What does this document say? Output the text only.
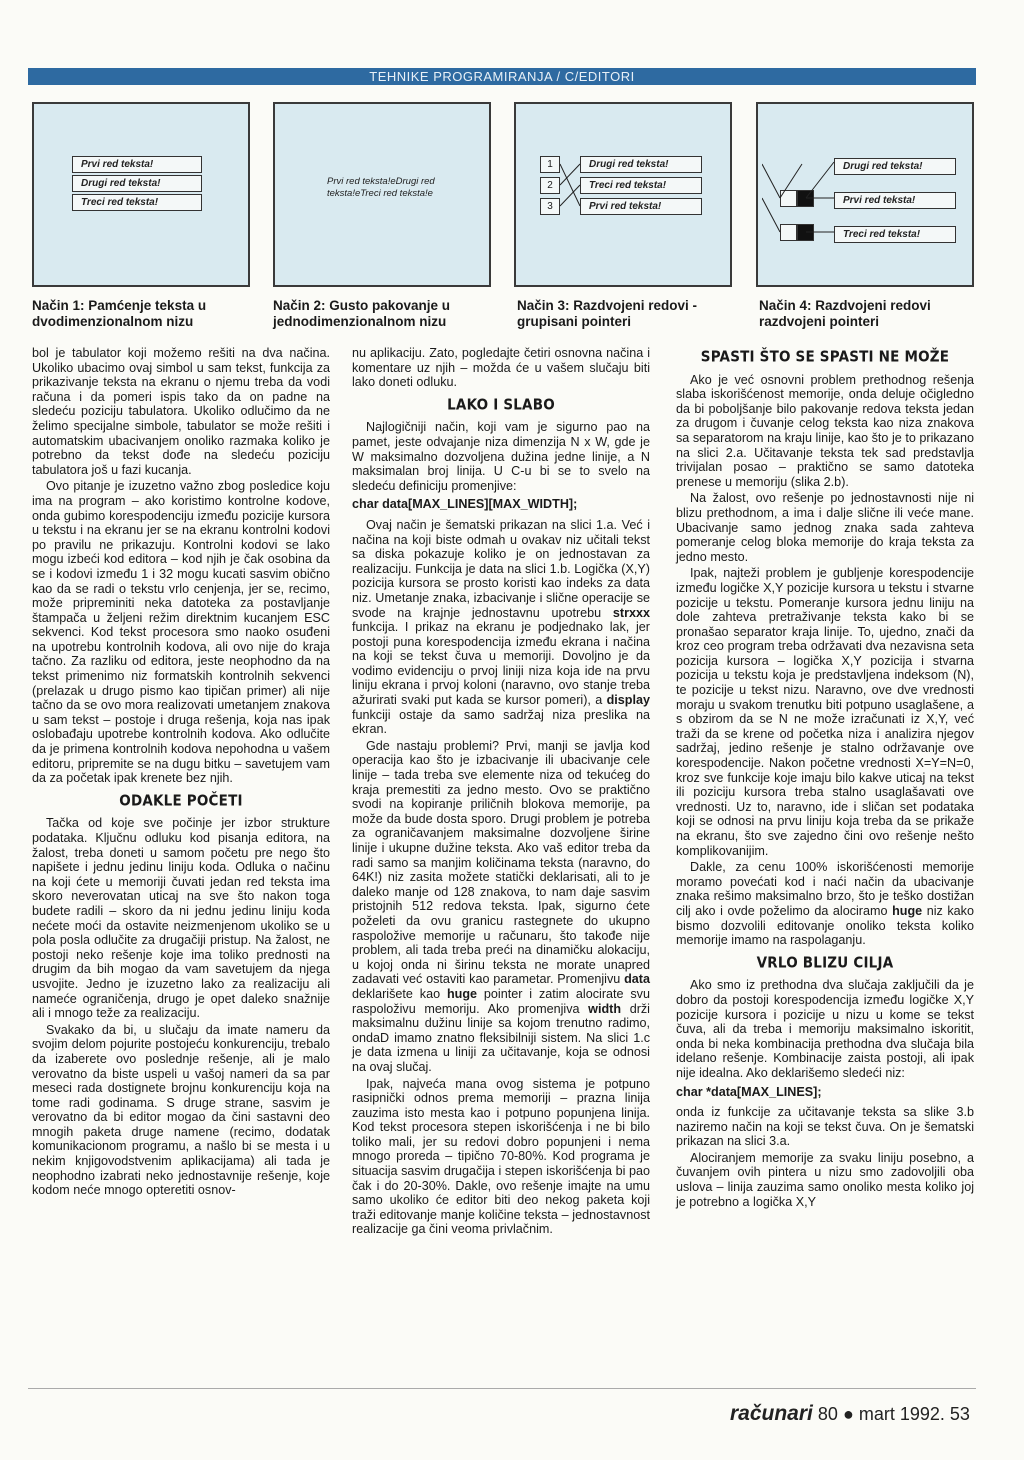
TEHNIKE PROGRAMIRANJA / C/EDITORI
Prvi red teksta!
Drugi red teksta!
Treci red teksta!
Prvi red teksta!eDrugi red teksta!eTreci red teksta!e
1
2
3
Drugi red teksta!
Treci red teksta!
Prvi red teksta!
Drugi red teksta!
Prvi red teksta!
Treci red teksta!
Način 1: Pamćenje teksta u dvodimenzionalnom nizu
Način 2: Gusto pakovanje u jednodimenzionalnom nizu
Način 3: Razdvojeni redovi - grupisani pointeri
Način 4: Razdvojeni redovi razdvojeni pointeri

bol je tabulator koji možemo rešiti na dva načina. Ukoliko ubacimo ovaj simbol u sam tekst, funkcija za prikazivanje teksta na ekranu o njemu treba da vodi računa i da pomeri ispis tako da on padne na sledeću poziciju tabulatora. Ukoliko odlučimo da ne želimo specijalne simbole, tabulator se može rešiti i automatskim ubacivanjem onoliko razmaka koliko je potrebno da tekst dođe na sledeću poziciju tabulatora još u fazi kucanja.

Ovo pitanje je izuzetno važno zbog posledice koju ima na program – ako koristimo kontrolne kodove, onda gubimo korespodenciju između pozicije kursora u tekstu i na ekranu jer se na ekranu kontrolni kodovi po pravilu ne prikazuju. Kontrolni kodovi se lako mogu izbeći kod editora – kod njih je čak osobina da se i kodovi između 1 i 32 mogu kucati sasvim obično kao da se radi o tekstu vrlo cenjenja, jer se, recimo, može pripreminiti neka datoteka za postavljanje štampača u željeni režim direktnim kucanjem ESC sekvenci. Kod tekst procesora smo naoko osuđeni na upotrebu kontrolnih kodova, ali ovo nije do kraja tačno. Za razliku od editora, jeste neophodno da na tekst primenimo niz formatskih kontrolnih sekvenci (prelazak u drugo pismo kao tipičan primer) ali nije tačno da se ovo mora realizovati umetanjem znakova u sam tekst – postoje i druga rešenja, koja nas ipak oslobađaju upotrebe kontrolnih kodova. Ako odlučite da je primena kontrolnih kodova nepohodna u vašem editoru, pripremite se na dugu bitku – savetujem vam da za početak ipak krenete bez njih.

ODAKLE POČETI

Tačka od koje sve počinje jer izbor strukture podataka. Ključnu odluku kod pisanja editora, na žalost, treba doneti u samom početu pre nego što napišete i jednu jedinu liniju koda. Odluka o načinu na koji ćete u memoriji čuvati jedan red teksta ima skoro neverovatan uticaj na sve što nakon toga budete radili – skoro da ni jednu jedinu liniju koda nećete moći da ostavite neizmenjenom ukoliko se u pola posla odlučite za drugačiji pristup. Na žalost, ne postoji neko rešenje koje ima toliko prednosti na drugim da bih mogao da vam savetujem da njega usvojite. Jedno je izuzetno lako za realizaciju ali nameće ograničenja, drugo je opet daleko snažnije ali i mnogo teže za realizaciju.

Svakako da bi, u slučaju da imate nameru da svojim delom pojurite postojeću konkurenciju, trebalo da izaberete ovo poslednje rešenje, ali je malo verovatno da biste uspeli u vašoj nameri da sa par meseci rada dostignete brojnu konkurenciju koja na tome radi godinama. S druge strane, sasvim je verovatno da bi editor mogao da čini sastavni deo mnogih paketa druge namene (recimo, dodatak komunikacionom programu, a našlo bi se mesta i u nekim knjigovodstvenim aplikacijama) ali tada je neophodno izabrati neko jednostavnije rešenje, koje kodom neće mnogo opteretiti osnov-

nu aplikaciju. Zato, pogledajte četiri osnovna načina i komentare uz njih – možda će u vašem slučaju biti lako doneti odluku.

LAKO I SLABO

Najlogičniji način, koji vam je sigurno pao na pamet, jeste odvajanje niza dimenzija N x W, gde je W maksimalno dozvoljena dužina jedne linije, a N maksimalan broj linija. U C-u bi se to svelo na sledeću definiciju promenjive:

char data[MAX_LINES][MAX_WIDTH];

Ovaj način je šematski prikazan na slici 1.a. Već i načina na koji biste odmah u ovakav niz učitali tekst sa diska pokazuje koliko je on jednostavan za realizaciju. Funkcija je data na slici 1.b. Logička (X,Y) pozicija kursora se prosto koristi kao indeks za data niz. Umetanje znaka, izbacivanje i slične operacije se svode na krajnje jednostavnu upotrebu strxxx funkcija. I prikaz na ekranu je podjednako lak, jer postoji puna korespodencija između ekrana i načina na koji se tekst čuva u memoriji. Dovoljno je da vodimo evidenciju o prvoj liniji niza koja ide na prvu liniju ekrana i prvoj koloni (naravno, ovo stanje treba ažurirati svaki put kada se kursor pomeri), a display funkciji ostaje da samo sadržaj niza preslika na ekran.

Gde nastaju problemi? Prvi, manji se javlja kod operacija kao što je izbacivanje ili ubacivanje cele linije – tada treba sve elemente niza od tekućeg do kraja premestiti za jedno mesto. Ovo se praktično svodi na kopiranje priličnih blokova memorije, pa može da bude dosta sporo. Drugi problem je potreba za ograničavanjem maksimalne dozvoljene širine linije i ukupne dužine teksta. Ako vaš editor treba da radi samo sa manjim količinama teksta (naravno, do 64K!) niz zasita možete statički deklarisati, ali to je daleko manje od 128 znakova, to nam daje sasvim pristojnih 512 redova teksta. Ipak, sigurno ćete poželeti da ovu granicu rastegnete do ukupno raspoložive memorije u računaru, što takođe nije problem, ali tada treba preći na dinamičku alokaciju, u kojoj onda ni širinu teksta ne morate unapred zadavati već ostaviti kao parametar. Promenjivu data deklarišete kao huge pointer i zatim alocirate svu raspoloživu memoriju. Ako promenjiva width drži maksimalnu dužinu linije sa kojom trenutno radimo, ondaD imamo znatno fleksibilniji sistem. Na slici 1.c je data izmena u liniji za učitavanje, koja se odnosi na ovaj slučaj.

Ipak, najveća mana ovog sistema je potpuno rasipnički odnos prema memoriji – prazna linija zauzima isto mesta kao i potpuno popunjena linija. Kod tekst procesora stepen iskorišćenja i ne bi bilo toliko mali, jer su redovi dobro popunjeni i nema mnogo proreda – tipično 70-80%. Kod programa je situacija sasvim drugačija i stepen iskorišćenja bi pao čak i do 20-30%. Dakle, ovo rešenje imajte na umu samo ukoliko će editor biti deo nekog paketa koji traži editovanje manje količine teksta – jednostavnost realizacije ga čini veoma privlačnim.

SPASTI ŠTO SE SPASTI NE MOŽE

Ako je već osnovni problem prethodnog rešenja slaba iskorišćenost memorije, onda deluje očigledno da bi poboljšanje bilo pakovanje redova teksta jedan za drugom i čuvanje celog teksta kao niza znakova sa separatorom na kraju linije, kao što je to prikazano na slici 2.a. Učitavanje teksta tek sad predstavlja trivijalan posao – praktično se samo datoteka prenese u memoriju (slika 2.b).

Na žalost, ovo rešenje po jednostavnosti nije ni blizu prethodnom, a ima i dalje slične ili veće mane. Ubacivanje samo jednog znaka sada zahteva pomeranje celog bloka memorije do kraja teksta za jedno mesto.

Ipak, najteži problem je gubljenje korespodencije između logičke X,Y pozicije kursora u tekstu i stvarne pozicije u tekstu. Pomeranje kursora jednu liniju na dole zahteva pretraživanje teksta kako bi se pronašao separator kraja linije. To, ujedno, znači da kroz ceo program treba održavati dva nezavisna seta pozicija kursora – logička X,Y pozicija i stvarna pozicija u tekstu koja je predstavljena indeksom (N), te pozicije u tekst nizu. Naravno, ove dve vrednosti moraju u svakom trenutku biti potpuno usaglašene, a s obzirom da se N ne može izračunati iz X,Y, već traži da se krene od početka niza i analizira njegov sadržaj, jedino rešenje je stalno održavanje ove korespodencije. Nakon početne vrednosti X=Y=N=0, kroz sve funkcije koje imaju bilo kakve uticaj na tekst ili poziciju kursora treba stalno usaglašavati ove vrednosti. Uz to, naravno, ide i sličan set podataka koji se odnosi na prvu liniju koja treba da se prikaže na ekranu, što sve zajedno čini ovo rešenje nešto komplikovanijim.

Dakle, za cenu 100% iskorišćenosti memorije moramo povećati kod i naći način da ubacivanje znaka rešimo maksimalno brzo, što je teško dostižan cilj ako i ovde poželimo da alociramo huge niz kako bismo dozvolili editovanje onoliko teksta koliko memorije imamo na raspolaganju.

VRLO BLIZU CILJA

Ako smo iz prethodna dva slučaja zaključili da je dobro da postoji korespodencija između logičke X,Y pozicije kursora i pozicije u nizu u kome se tekst čuva, ali da treba i memoriju maksimalno iskoritit, onda bi neka kombinacija prethodna dva slučaja bila idelano rešenje. Kombinacije zaista postoji, ali ipak nije idealna. Ako deklarišemo sledeći niz:

char *data[MAX_LINES];

onda iz funkcije za učitavanje teksta sa slike 3.b naziremo način na koji se tekst čuva. On je šematski prikazan na slici 3.a.

Alociranjem memorije za svaku liniju posebno, a čuvanjem ovih pintera u nizu smo zadovoljili oba uslova – linija zauzima samo onoliko mesta koliko joj je potrebno a logička X,Y

računari 80 ● mart 1992. 53
